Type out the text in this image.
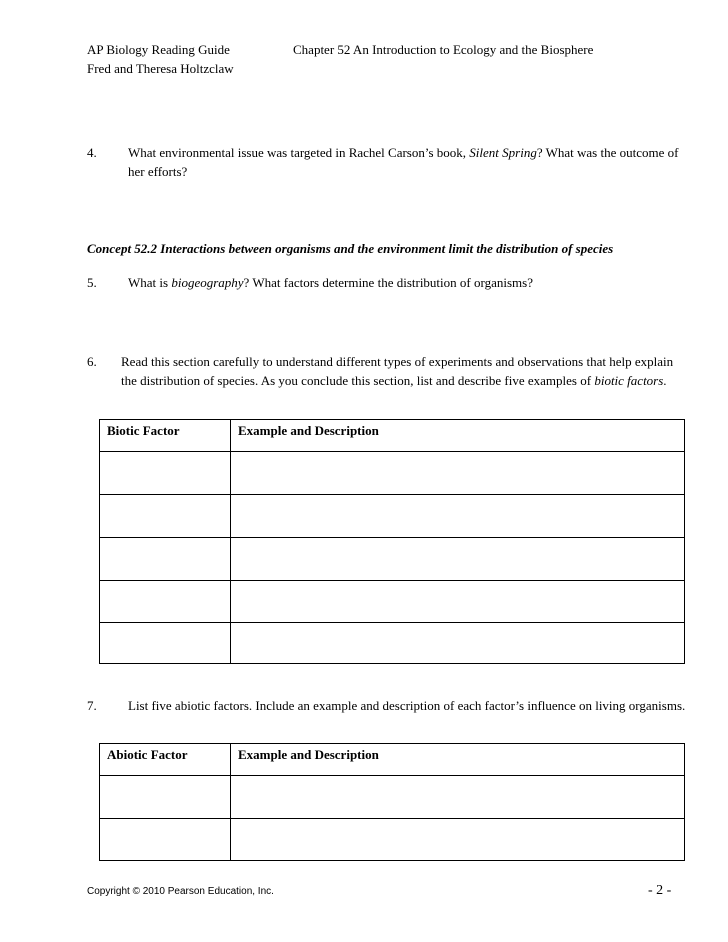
AP Biology Reading Guide
Fred and Theresa Holtzclaw
Chapter 52 An Introduction to Ecology and the Biosphere
4. What environmental issue was targeted in Rachel Carson’s book, Silent Spring? What was the outcome of her efforts?
Concept 52.2 Interactions between organisms and the environment limit the distribution of species
5. What is biogeography? What factors determine the distribution of organisms?
6. Read this section carefully to understand different types of experiments and observations that help explain the distribution of species. As you conclude this section, list and describe five examples of biotic factors.
Biotic Factor	Example and Description

7. List five abiotic factors. Include an example and description of each factor’s influence on living organisms.
Abiotic Factor	Example and Description

Copyright © 2010 Pearson Education, Inc.	- 2 -
